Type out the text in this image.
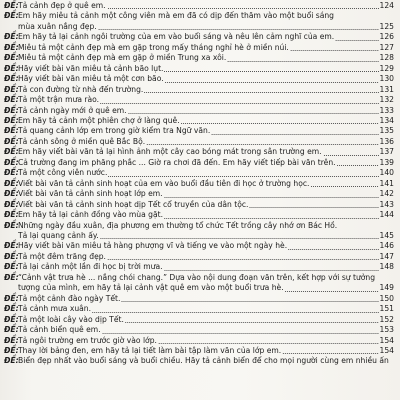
ĐỀ: Tả cảnh đẹp ở quê em.	124
ĐỀ: Em hãy miêu tả cảnh một công viên mà em đã có dịp đến thăm vào một buổi sáng
mùa xuân nắng đẹp.	125
ĐỀ: Em hãy tả lại cảnh ngôi trường của em vào buổi sáng và nêu lên cảm nghĩ của em.	126
ĐỀ: Miêu tả một cảnh đẹp mà em gặp trong mấy tháng nghỉ hè ở miền núi.	127
ĐỀ: Miêu tả một cảnh đẹp mà em gặp ở miền Trung xa xôi.	128
ĐỀ: Hãy viết bài văn miêu tả cảnh bão lụt.	129
ĐỀ: Hãy viết bài văn miêu tả một cơn bão.	130
ĐỀ: Tả con đường từ nhà đến trường.	131
ĐỀ: Tả một trận mưa rào.	132
ĐỀ: Tả cảnh ngày mới ở quê em.	133
ĐỀ: Em hãy tả cảnh một phiên chợ ở làng quê.	134
ĐỀ: Tả quang cảnh lớp em trong giờ kiểm tra Ngữ văn.	135
ĐỀ: Tả cảnh sông ở miền quê Bắc Bộ.	136
ĐỀ: Em hãy viết bài văn tả lại hình ảnh một cây cao bóng mát trong sân trường em.	137
ĐỀ: Cả trường đang im phăng phắc ... Giờ ra chơi đã đến. Em hãy viết tiếp bài văn trên.	139
ĐỀ: Tả một công viên nước.	140
ĐỀ: Viết bài văn tả cảnh sinh hoạt của em vào buổi đầu tiên đi học ở trường học.	141
ĐỀ: Viết bài văn tả cảnh sinh hoạt lớp em.	142
ĐỀ: Viết bài văn tả cảnh sinh hoạt dịp Tết cổ truyền của dân tộc.	143
ĐỀ: Em hãy tả lại cảnh đồng vào mùa gặt.	144
ĐỀ: Những ngày đầu xuân, địa phương em thường tổ chức Tết trồng cây nhớ ơn Bác Hồ.
Tả lại quang cảnh ấy.	145
ĐỀ: Hãy viết bài văn miêu tả hàng phượng vĩ và tiếng ve vào một ngày hè.	146
ĐỀ: Tả một đêm trăng đẹp.	147
ĐỀ: Tả lại cảnh một lần đi học bị trời mưa.	148
ĐỀ: “Cảnh vật trưa hè ... nắng chói chang.” Dựa vào nội dung đoạn văn trên, kết hợp với sự tưởng
tượng của mình, em hãy tả lại cảnh vật quê em vào một buổi trưa hè.	149
ĐỀ: Tả một cảnh đào ngày Tết.	150
ĐỀ: Tả cảnh mưa xuân.	151
ĐỀ: Tả một loài cây vào dịp Tết.	152
ĐỀ: Tả cảnh biển quê em.	153
ĐỀ: Tả ngôi trường em trước giờ vào lớp.	154
ĐỀ: Thay lời bảng đen, em hãy tả lại tiết làm bài tập làm văn của lớp em.	154
ĐỀ: Biển đẹp nhất vào buổi sáng và buổi chiều. Hãy tả cảnh biển để cho mọi người cùng em nhiều ấn
